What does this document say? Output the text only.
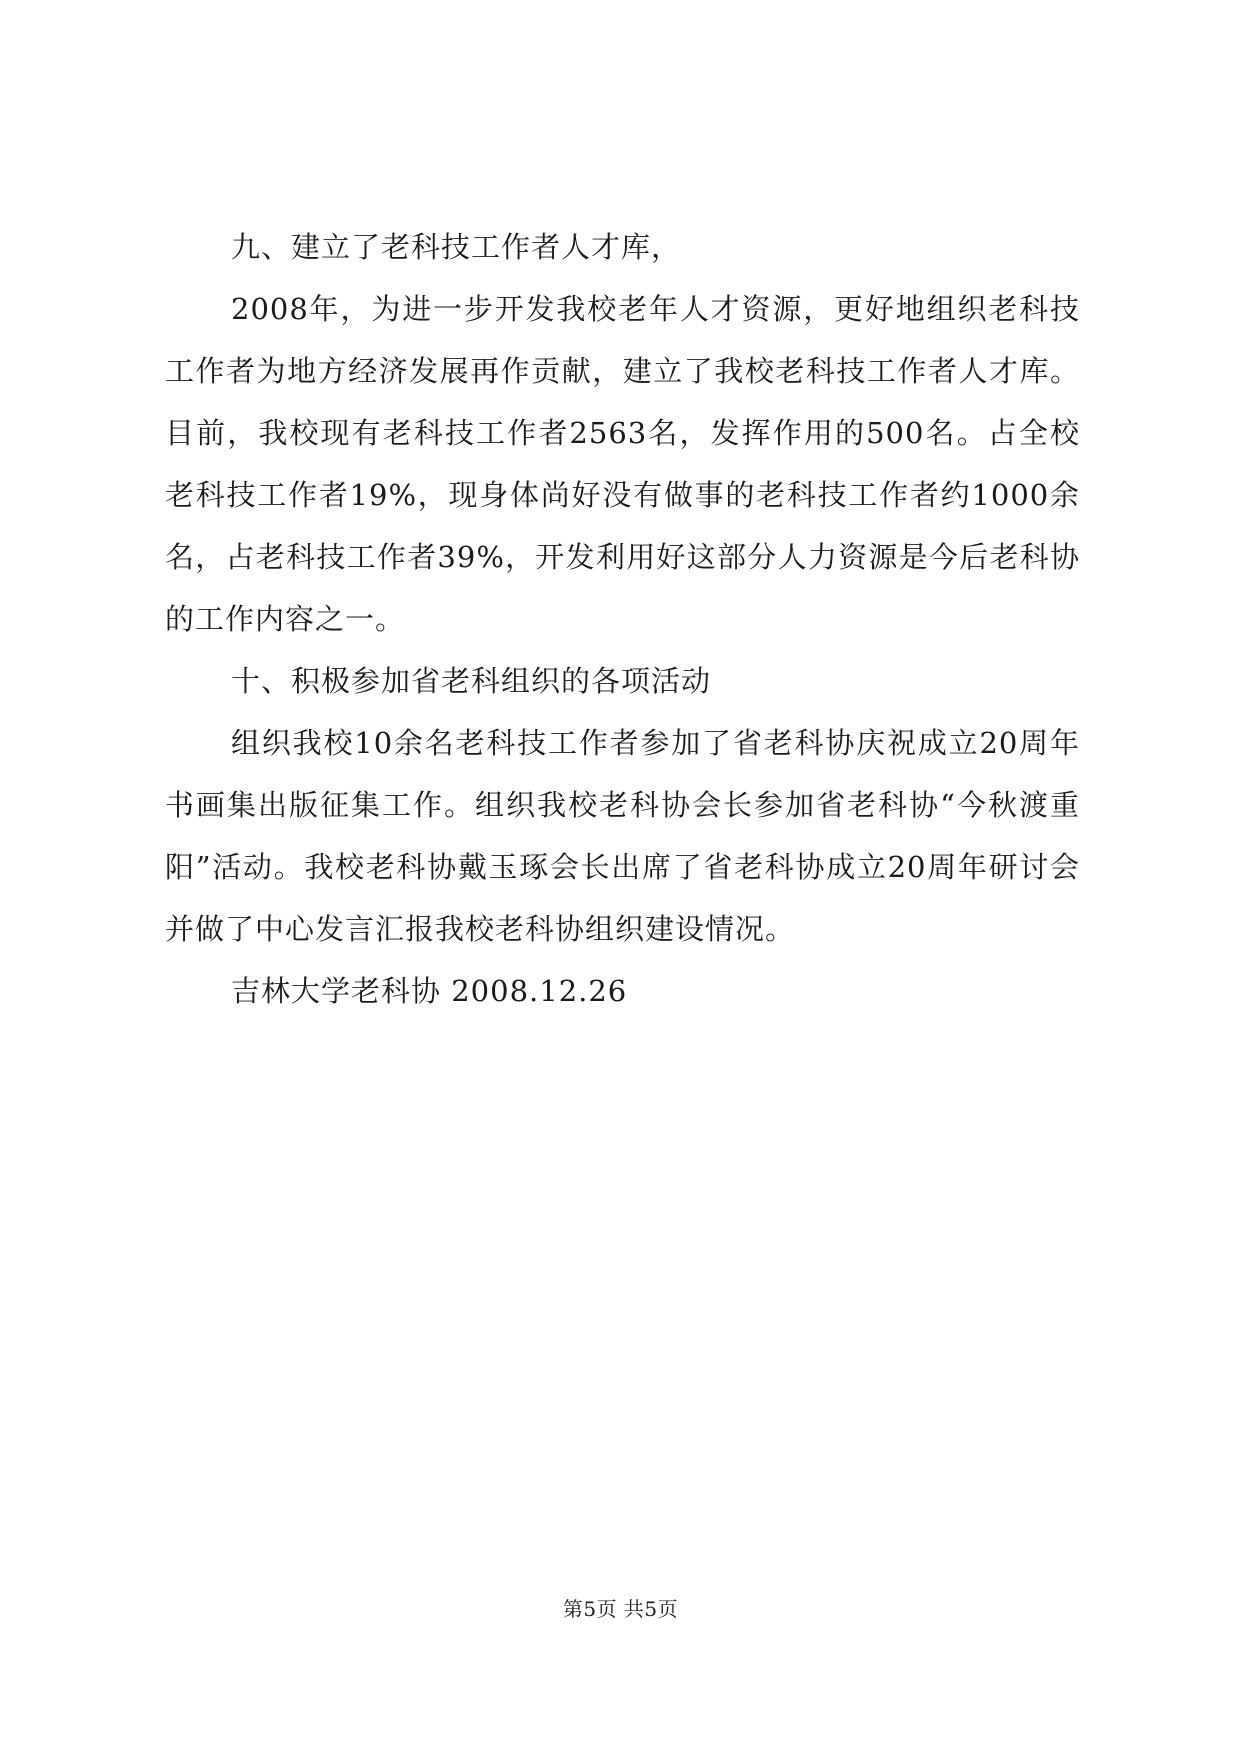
九、建立了老科技工作者人才库，

2008年，为进一步开发我校老年人才资源，更好地组织老科技工作者为地方经济发展再作贡献，建立了我校老科技工作者人才库。目前，我校现有老科技工作者2563名，发挥作用的500名。占全校老科技工作者19%，现身体尚好没有做事的老科技工作者约1000余名，占老科技工作者39%，开发利用好这部分人力资源是今后老科协的工作内容之一。

十、积极参加省老科组织的各项活动

组织我校10余名老科技工作者参加了省老科协庆祝成立20周年书画集出版征集工作。组织我校老科协会长参加省老科协“今秋渡重阳”活动。我校老科协戴玉琢会长出席了省老科协成立20周年研讨会并做了中心发言汇报我校老科协组织建设情况。

吉林大学老科协 2008.12.26

第5页 共5页
